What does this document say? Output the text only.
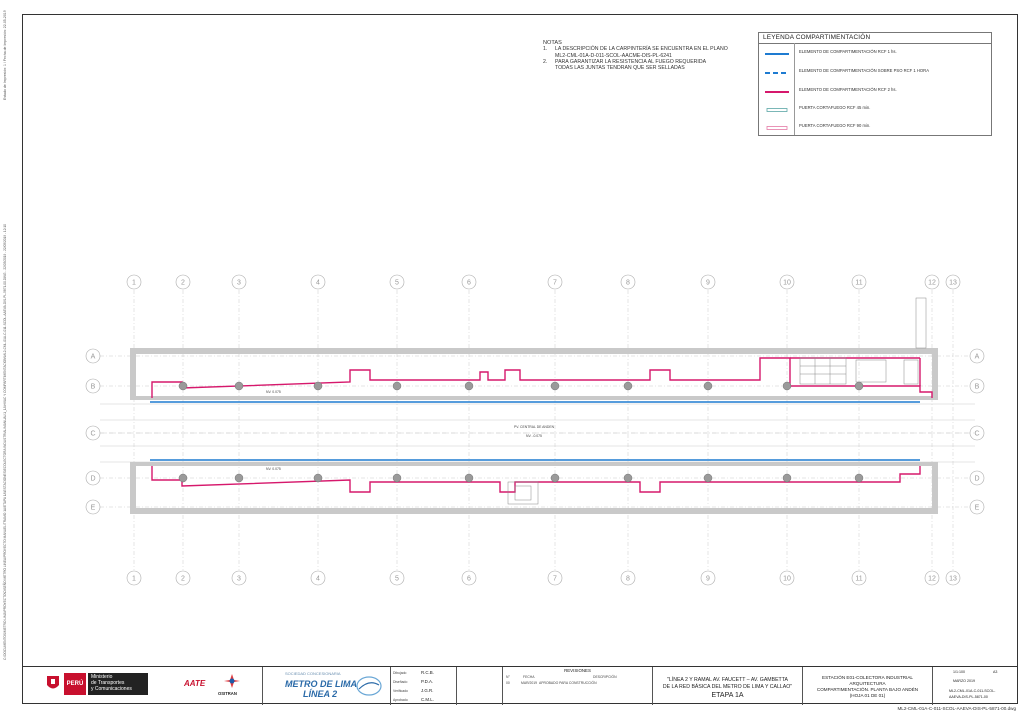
Estado de Impresión: 1 / Fecha de Impresión: 22-05-2019
C:\DOCUMENTOS\METRO LIMA\PROYECTO\DISEÑO METRO LINEA\PROYECTO MANUEL\TRAMO 1A\ETAPA 1A\ESTACIONES\ECOLECTORA INDUSTRIAL\MANUAL\1_1A\HVAC Y COMPARTIMENTACION\ML2-CML-01A-C-011-SCOL-AAEVA-DIS-PL-5871-00.DWG - 22/05/2019 - 22/05/2019 - 12:10
NOTAS
1.	LA DESCRIPCIÓN DE LA CARPINTERÍA SE ENCUENTRA EN EL PLANO
ML2-CML-01A-D-011-SCOL-AACME-DIS-PL-6241
2.	PARA GARANTIZAR LA RESISTENCIA AL FUEGO REQUERIDA
TODAS LAS JUNTAS TENDRAN QUE SER SELLADAS
LEYENDA COMPARTIMENTACIÓN
ELEMENTO DE COMPARTIMENTACIÓN RCF 1 hs.
ELEMENTO DE COMPARTIMENTACIÓN SOBRE PSO RCF 1 HORA
ELEMENTO DE COMPARTIMENTACIÓN RCF 2 hs.
PUERTA CORTAFUEGO RCF 45 min.
PUERTA CORTAFUEGO RCF 90 min.
1
1
2
2
3
3
4
4
5
5
6
6
7
7
8
8
9
9
10
10
11
11
12
12
13
13
A	A
B	B
C	C
D	D
E	E
PV. CENTRAL DE ANDEN
NV. -0.075
NV. 0.075
NV. 0.075
PERÚ
Ministerio
de Transportes
y Comunicaciones
AATE
OSITRAN
SOCIEDAD CONCESIONARIA
METRO DE LIMA
LÍNEA 2
Dibujado	R.C.B.
Diseñado	P.D.A.
Verificado	J.G.R.
Aprobado	C.M.L.
REVISIONES
N°	FECHA	DESCRIPCIÓN
00	MAR/2019 APROBADO PARA CONSTRUCCIÓN	"LÍNEA 2 Y RAMAL AV. FAUCETT – AV. GAMBETTA
DE LA RED BÁSICA DEL METRO DE LIMA Y CALLAO"
ETAPA 1A
ESTACIÓN E01-COLECTORA INDUSTRIAL
ARQUITECTURA
COMPARTIMENTACIÓN. PLANTA BAJO ANDÉN
(HOJA 01 DE 01)
1/1:100	A3
MARZO 2019
ML2-CML-01A-C-011-SCOL-
AAEVA-DIS-PL-5871-00
ML2-CML-01A-C-011-SCOL-AAEVA-DIS-PL-5871-00.dwg
